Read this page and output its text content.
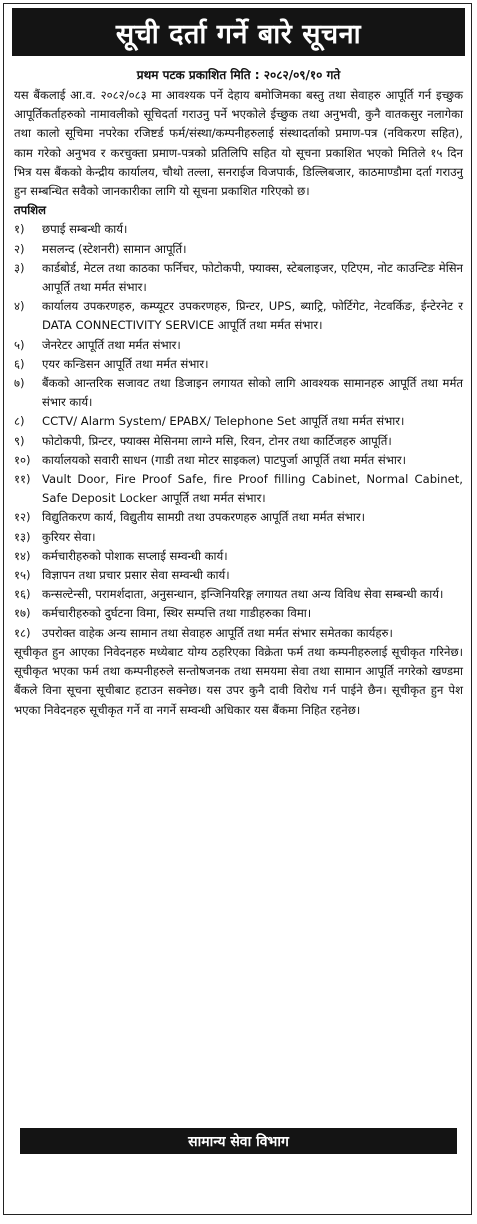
सूची दर्ता गर्ने बारे सूचना
प्रथम पटक प्रकाशित मिति : २०८२/०९/१० गते

यस बैंकलाई आ.व. २०८२/०८३ मा आवश्यक पर्ने देहाय बमोजिमका बस्तु तथा सेवाहरु आपूर्ति गर्न इच्छुक आपूर्तिकर्ताहरुको नामावलीको सूचिदर्ता गराउनु पर्ने भएकोले ईच्छुक तथा अनुभवी, कुनै वातकसुर नलागेका तथा कालो सूचिमा नपरेका रजिष्टर्ड फर्म/संस्था/कम्पनीहरुलाई संस्थादर्ताको प्रमाण-पत्र (नविकरण सहित), काम गरेको अनुभव र करचुक्ता प्रमाण-पत्रको प्रतिलिपि सहित यो सूचना प्रकाशित भएको मितिले १५ दिन भित्र यस बैंकको केन्द्रीय कार्यालय, चौथो तल्ला, सनराईज विजपार्क, डिल्लिबजार, काठमाण्डौमा दर्ता गराउनु हुन सम्बन्धित सवैको जानकारीका लागि यो सूचना प्रकाशित गरिएको छ।

तपशिल

१)	छपाई सम्बन्धी कार्य।
२)	मसलन्द (स्टेशनरी) सामान आपूर्ति।
३)	कार्डबोर्ड, मेटल तथा काठका फर्निचर, फोटोकपी, फ्याक्स, स्टेबलाइजर, एटिएम, नोट काउन्टिङ मेसिन आपूर्ति तथा मर्मत संभार।
४)	कार्यालय उपकरणहरु, कम्प्यूटर उपकरणहरु, प्रिन्टर, UPS, ब्याट्रि, फोर्टिगेट, नेटवर्किङ, ईन्टेरनेट र DATA CONNECTIVITY SERVICE आपूर्ति तथा मर्मत संभार।
५)	जेनरेटर आपूर्ति तथा मर्मत संभार।
६)	एयर कन्डिसन आपूर्ति तथा मर्मत संभार।
७)	बैंकको आन्तरिक सजावट तथा डिजाइन लगायत सोको लागि आवश्यक सामानहरु आपूर्ति तथा मर्मत संभार कार्य।
८)	CCTV/ Alarm System/ EPABX/ Telephone Set आपूर्ति तथा मर्मत संभार।
९)	फोटोकपी, प्रिन्टर, फ्याक्स मेसिनमा लाग्ने मसि, रिवन, टोनर तथा कार्टिजहरु आपूर्ति।
१०) कार्यालयको सवारी साधन (गाडी तथा मोटर साइकल) पाटपुर्जा आपूर्ति तथा मर्मत संभार।
११) Vault Door, Fire Proof Safe, fire Proof filling Cabinet, Normal Cabinet, Safe Deposit Locker आपूर्ति तथा मर्मत संभार।
१२) विद्युतिकरण कार्य, विद्युतीय सामग्री तथा उपकरणहरु आपूर्ति तथा मर्मत संभार।
१३) कुरियर सेवा।
१४) कर्मचारीहरुको पोशाक सप्लाई सम्वन्धी कार्य।
१५) विज्ञापन तथा प्रचार प्रसार सेवा सम्वन्धी कार्य।
१६) कन्सल्टेन्सी, परामर्शदाता, अनुसन्धान, इन्जिनियरिङ्ग लगायत तथा अन्य विविध सेवा सम्बन्धी कार्य।
१७) कर्मचारीहरुको दुर्घटना विमा, स्थिर सम्पत्ति तथा गाडीहरुका विमा।
१८) उपरोक्त वाहेक अन्य सामान तथा सेवाहरु आपूर्ति तथा मर्मत संभार समेतका कार्यहरु।

सूचीकृत हुन आएका निवेदनहरु मध्येबाट योग्य ठहरिएका विक्रेता फर्म तथा कम्पनीहरुलाई सूचीकृत गरिनेछ। सूचीकृत भएका फर्म तथा कम्पनीहरुले सन्तोषजनक तथा समयमा सेवा तथा सामान आपूर्ति नगरेको खण्डमा बैंकले विना सूचना सूचीबाट हटाउन सक्नेछ। यस उपर कुनै दावी विरोध गर्न पाईने छैन। सूचीकृत हुन पेश भएका निवेदनहरु सूचीकृत गर्ने वा नगर्ने सम्वन्धी अधिकार यस बैंकमा निहित रहनेछ।

सामान्य सेवा विभाग
